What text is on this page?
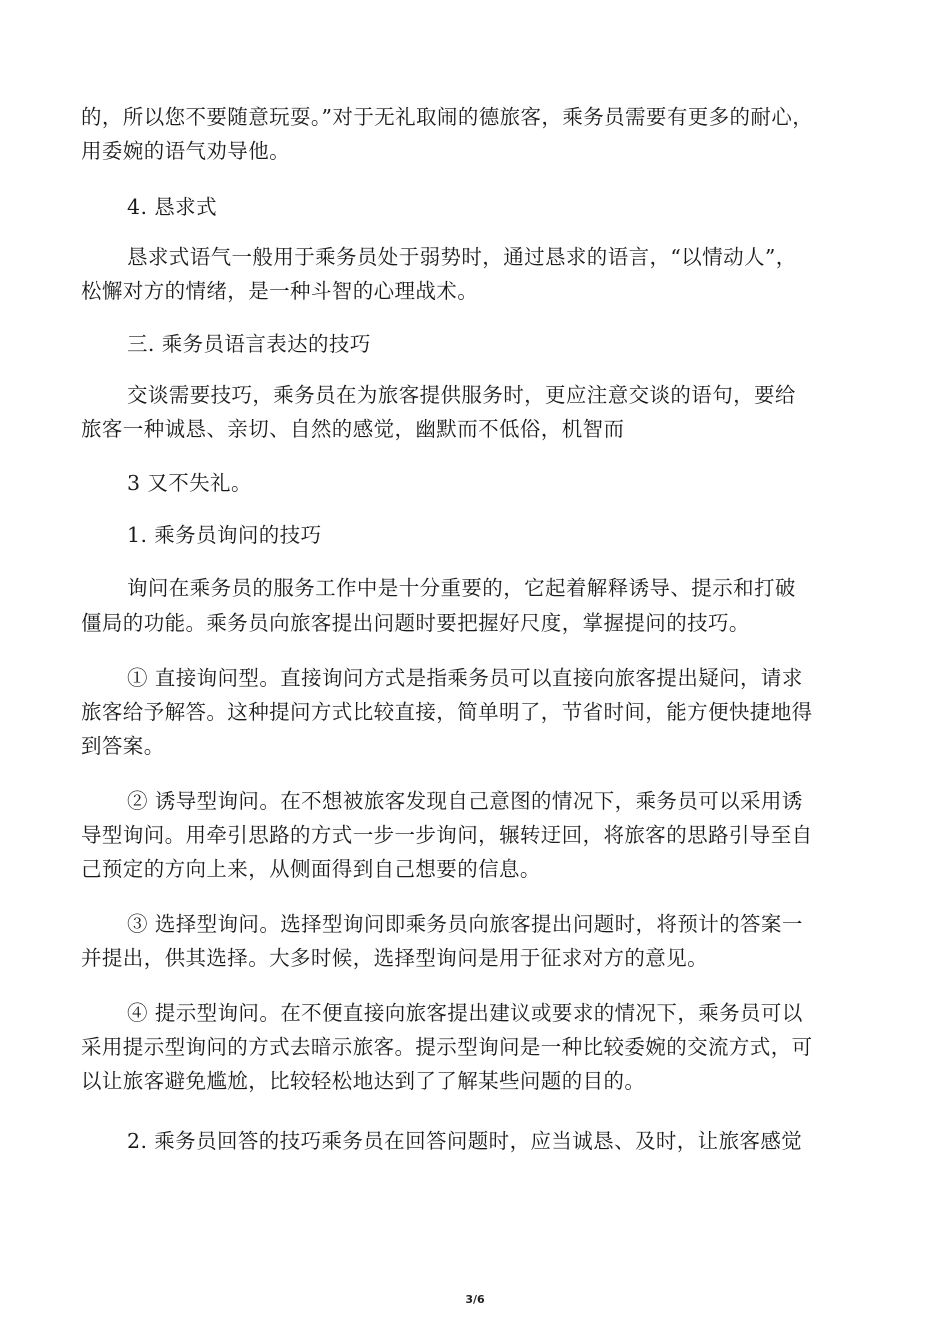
的，所以您不要随意玩耍。”对于无礼取闹的德旅客，乘务员需要有更多的耐心，
用委婉的语气劝导他。
4. 恳求式
恳求式语气一般用于乘务员处于弱势时，通过恳求的语言，“以情动人”，
松懈对方的情绪，是一种斗智的心理战术。
三. 乘务员语言表达的技巧
交谈需要技巧，乘务员在为旅客提供服务时，更应注意交谈的语句，要给
旅客一种诚恳、亲切、自然的感觉，幽默而不低俗，机智而
3 又不失礼。
1. 乘务员询问的技巧
询问在乘务员的服务工作中是十分重要的，它起着解释诱导、提示和打破
僵局的功能。乘务员向旅客提出问题时要把握好尺度，掌握提问的技巧。
① 直接询问型。直接询问方式是指乘务员可以直接向旅客提出疑问，请求
旅客给予解答。这种提问方式比较直接，简单明了，节省时间，能方便快捷地得
到答案。
② 诱导型询问。在不想被旅客发现自己意图的情况下，乘务员可以采用诱
导型询问。用牵引思路的方式一步一步询问，辗转迂回，将旅客的思路引导至自
己预定的方向上来，从侧面得到自己想要的信息。
③ 选择型询问。选择型询问即乘务员向旅客提出问题时，将预计的答案一
并提出，供其选择。大多时候，选择型询问是用于征求对方的意见。
④ 提示型询问。在不便直接向旅客提出建议或要求的情况下，乘务员可以
采用提示型询问的方式去暗示旅客。提示型询问是一种比较委婉的交流方式，可
以让旅客避免尴尬，比较轻松地达到了了解某些问题的目的。
2. 乘务员回答的技巧乘务员在回答问题时，应当诚恳、及时，让旅客感觉
3/6
